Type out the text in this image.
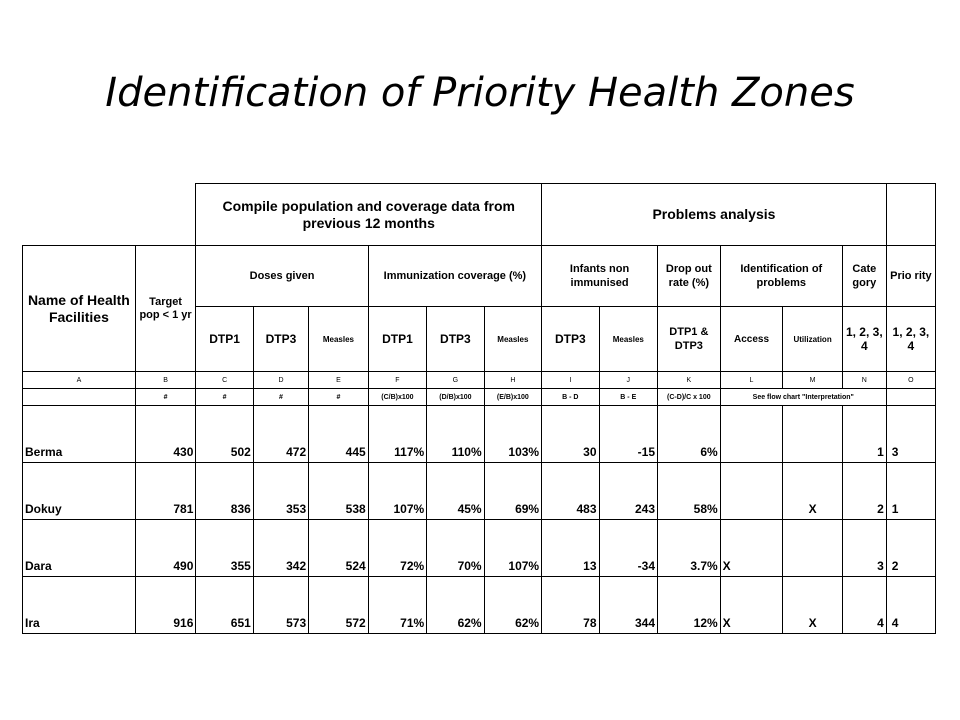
Identification of Priority Health Zones
		Compile population and coverage data from previous 12 months						Problems analysis						
Name of Health Facilities	Target pop < 1 yr	Doses given			Immunization coverage (%)			Infants non immunised		Drop out rate (%)	Identification of problems		Cate gory	Prio rity
		DTP1	DTP3	Measles	DTP1	DTP3	Measles	DTP3	Measles	DTP1 & DTP3	Access	Utilization	1, 2, 3, 4	1, 2, 3, 4
A	B	C	D	E	F	G	H	I	J	K	L	M	N	O
	#	#	#	#	(C/B)x100	(D/B)x100	(E/B)x100	B - D	B - E	(C-D)/C x 100	See flow chart "Interpretation"			
Berma	430	502	472	445	117%	110%	103%	30	-15	6%			1	3
Dokuy	781	836	353	538	107%	45%	69%	483	243	58%		X	2	1
Dara	490	355	342	524	72%	70%	107%	13	-34	3.7%	X		3	2
Ira	916	651	573	572	71%	62%	62%	78	344	12%	X	X	4	4
